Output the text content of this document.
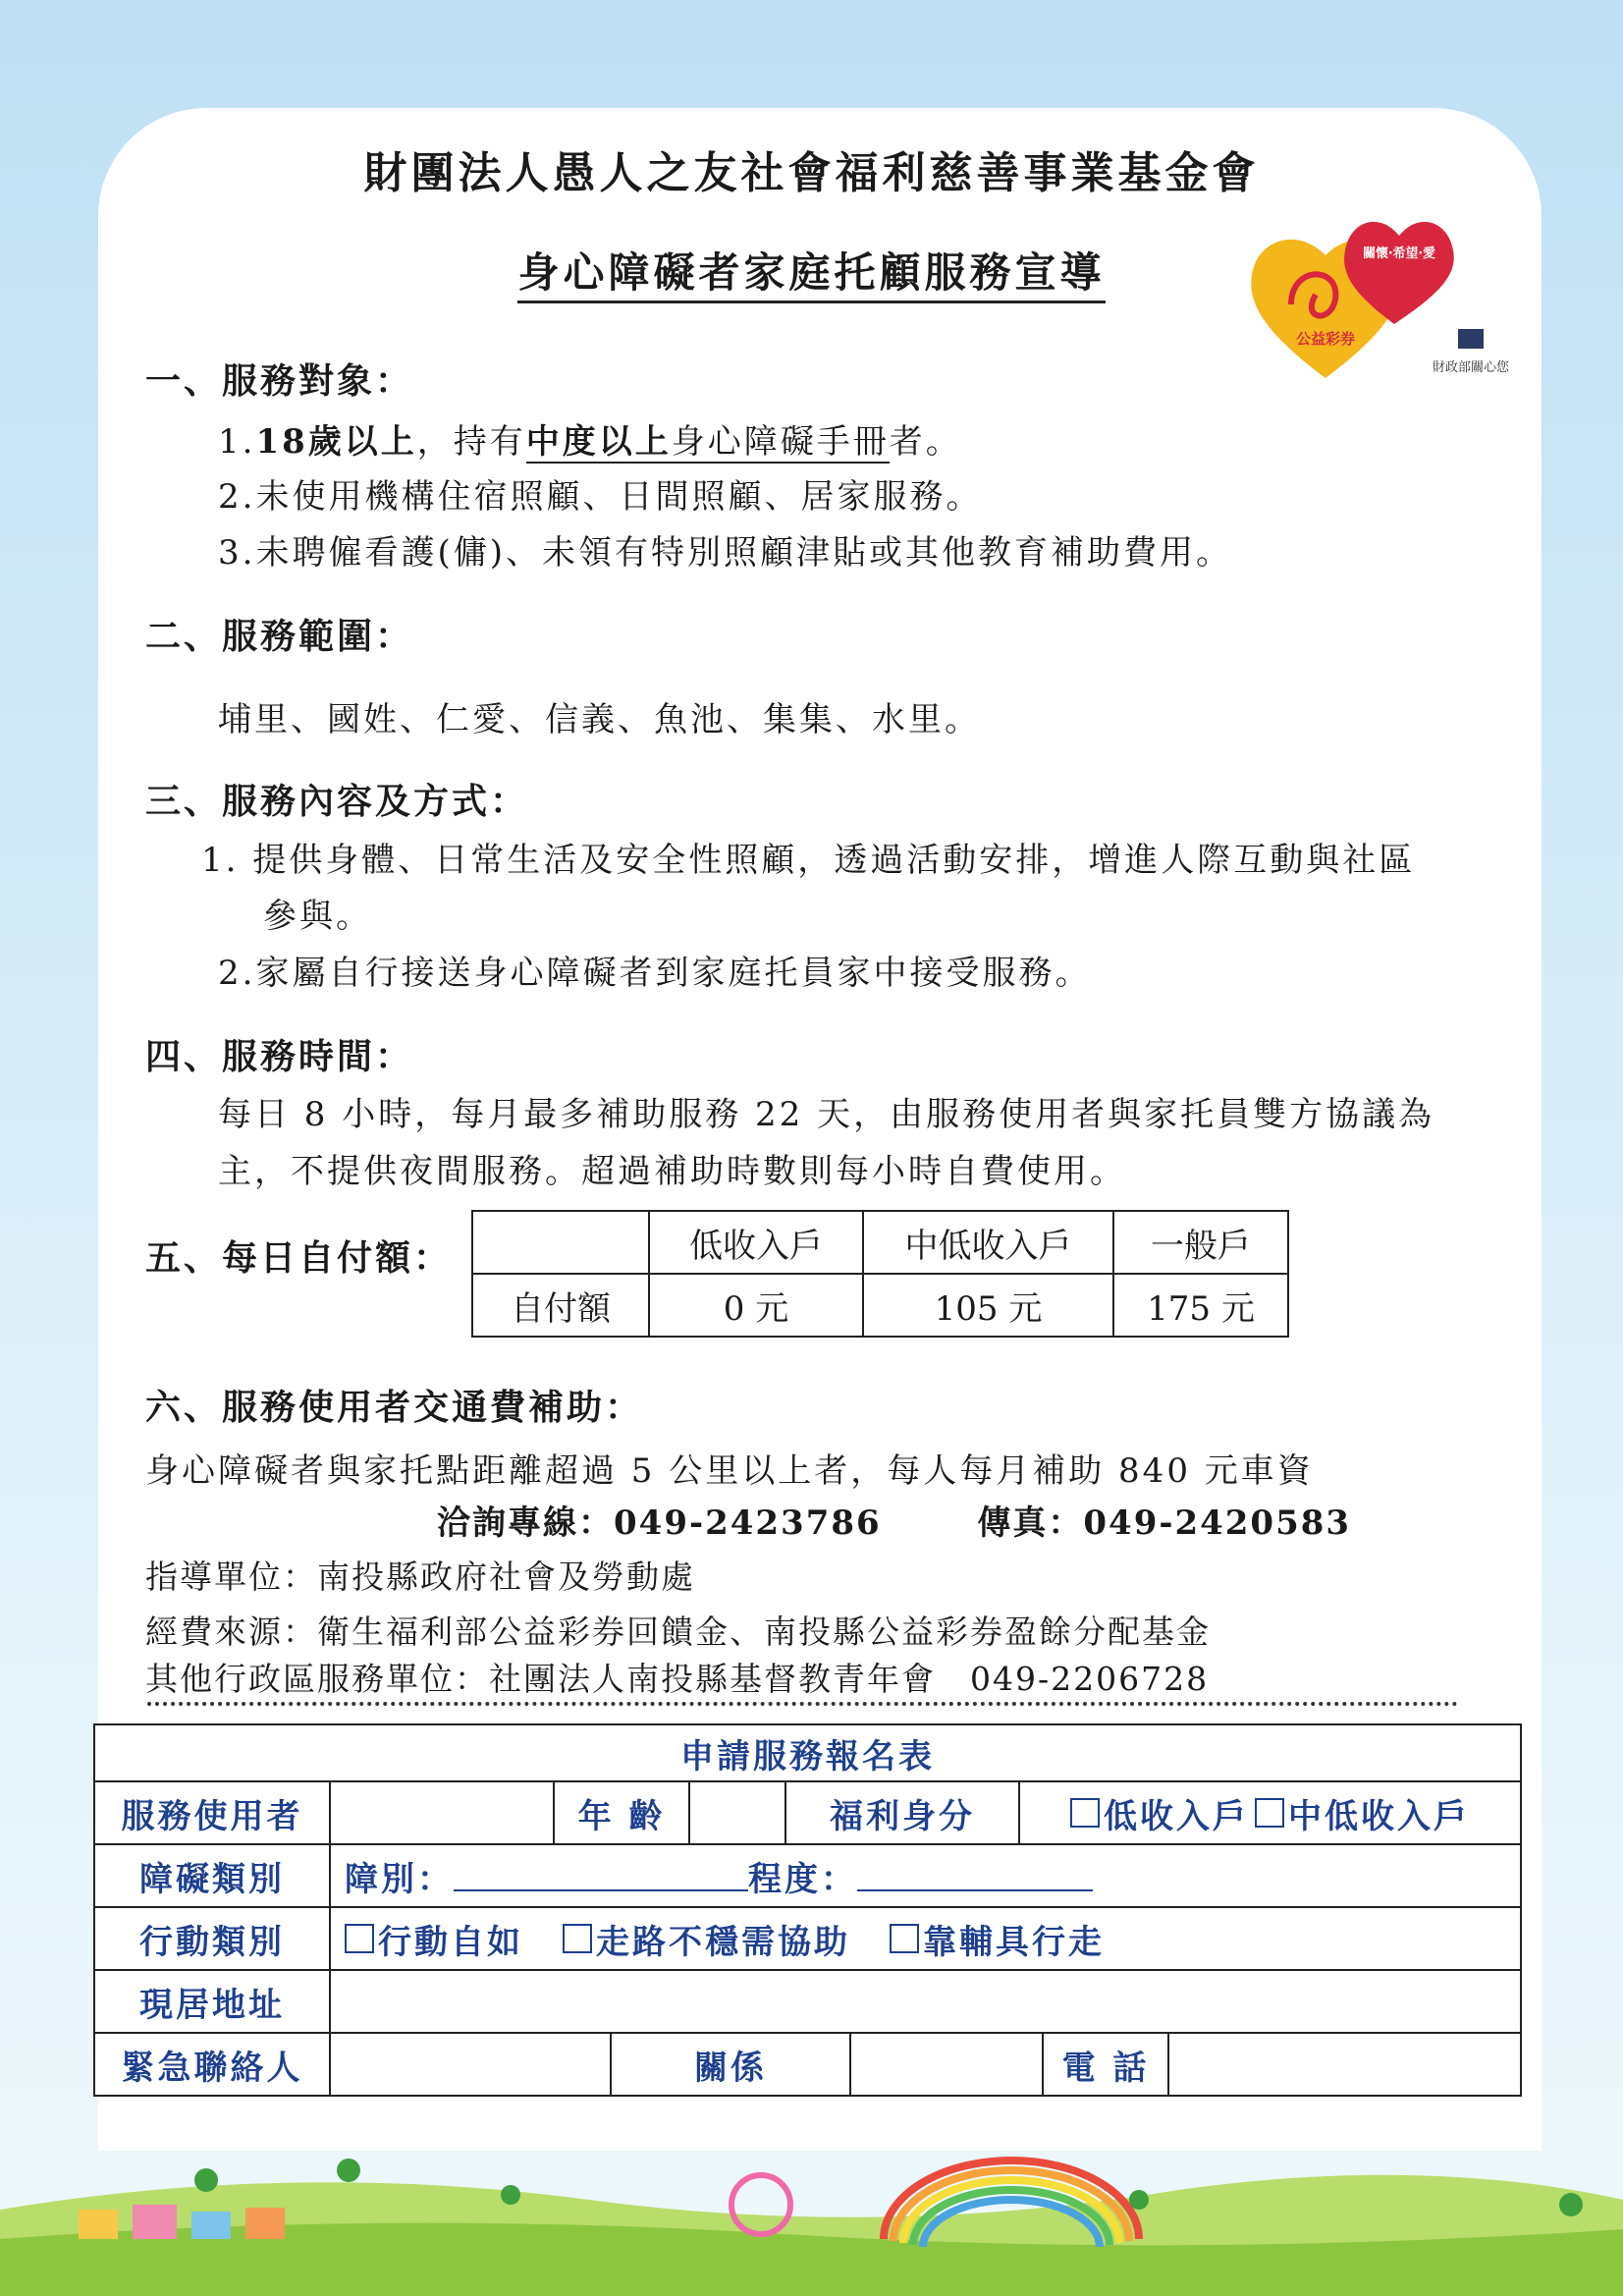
財團法人愚人之友社會福利慈善事業基金會
身心障礙者家庭托顧服務宣導	關懷‧希望‧愛
公益彩券
財政部關心您
一、服務對象：
1.18歲以上，持有中度以上身心障礙手冊者。
2.未使用機構住宿照顧、日間照顧、居家服務。
3.未聘僱看護(傭)、未領有特別照顧津貼或其他教育補助費用。
二、服務範圍：
埔里、國姓、仁愛、信義、魚池、集集、水里。
三、服務內容及方式：
1. 提供身體、日常生活及安全性照顧，透過活動安排，增進人際互動與社區
參與。
2.家屬自行接送身心障礙者到家庭托員家中接受服務。
四、服務時間：
每日 8 小時，每月最多補助服務 22 天，由服務使用者與家托員雙方協議為
主，不提供夜間服務。超過補助時數則每小時自費使用。
五、每日自付額：
		低收入戶	中低收入戶	一般戶
自付額	0 元	105 元	175 元
六、服務使用者交通費補助：
身心障礙者與家托點距離超過 5 公里以上者，每人每月補助 840 元車資
洽詢專線：049-2423786	傳真：049-2420583
指導單位：南投縣政府社會及勞動處
經費來源：衛生福利部公益彩券回饋金、南投縣公益彩券盈餘分配基金
其他行政區服務單位：社團法人南投縣基督教青年會　049-2206728
申請服務報名表
服務使用者	年 齡	福利身分	低收入戶 中低收入戶
障礙類別	障別：	程度：
行動類別	行動自如 走路不穩需協助 靠輔具行走
現居地址
緊急聯絡人	關係	電 話
